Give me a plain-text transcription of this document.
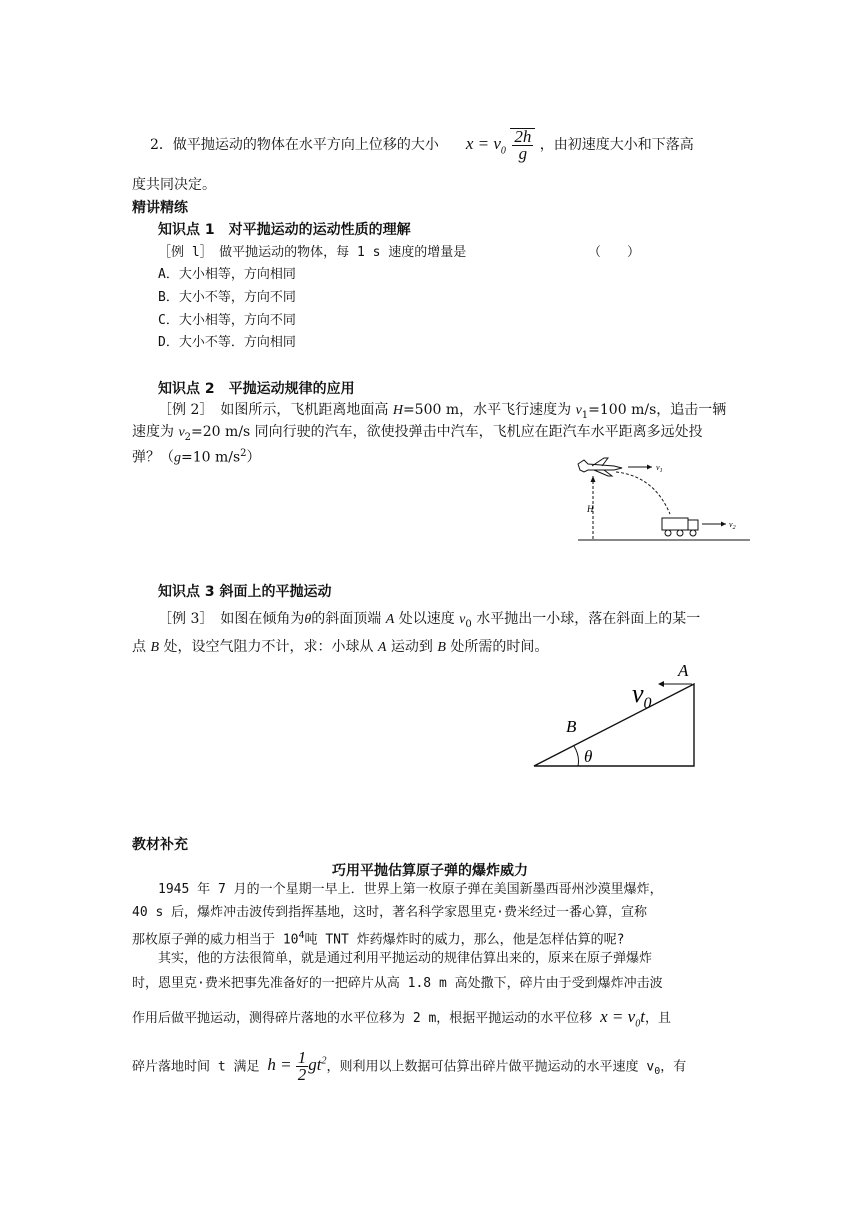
2．做平抛运动的物体在水平方向上位移的大小 $x = v_0 \frac{2h}{g}$ ，由初速度大小和下落高
度共同决定。
精讲精练
知识点 1　对平抛运动的运动性质的理解
［例 l］　做平抛运动的物体，每 1 s 速度的增量是	（　　）
A．大小相等，方向相同
B．大小不等，方向不同
C．大小相等，方向不同
D．大小不等．方向相同
知识点 2　平抛运动规律的应用
［例 2］　如图所示，飞机距离地面高 H=500 m，水平飞行速度为 $v_1=100$ m/s，追击一辆
速度为 $v_2=20$ m/s 同向行驶的汽车，欲使投弹击中汽车，飞机应在距汽车水平距离多远处投
弹？（g=10 $m/s^2$）
$v_1$
H
$v_2$
知识点 3 斜面上的平抛运动
［例 3］　如图在倾角为θ的斜面顶端 A 处以速度 $v_0$ 水平抛出一小球，落在斜面上的某一
点 B 处，设空气阻力不计，求：小球从 A 运动到 B 处所需的时间。
θ
B
A
$v_0$
教材补充
巧用平抛估算原子弹的爆炸威力
1945 年 7 月的一个星期一早上．世界上第一枚原子弹在美国新墨西哥州沙漠里爆炸，
40 s 后，爆炸冲击波传到指挥基地，这时，著名科学家恩里克·费米经过一番心算，宣称
那枚原子弹的威力相当于 $10^4$吨 TNT 炸药爆炸时的威力，那么，他是怎样估算的呢?
其实，他的方法很简单，就是通过利用平抛运动的规律估算出来的，原来在原子弹爆炸
时，恩里克·费米把事先准备好的一把碎片从高 1.8 m 高处撒下，碎片由于受到爆炸冲击波
作用后做平抛运动，测得碎片落地的水平位移为 2 m，根据平抛运动的水平位移 $x = v_0t$，且
碎片落地时间 t 满足 $h = \frac{1}{2} gt^2$，则利用以上数据可估算出碎片做平抛运动的水平速度 $v_0$，有
